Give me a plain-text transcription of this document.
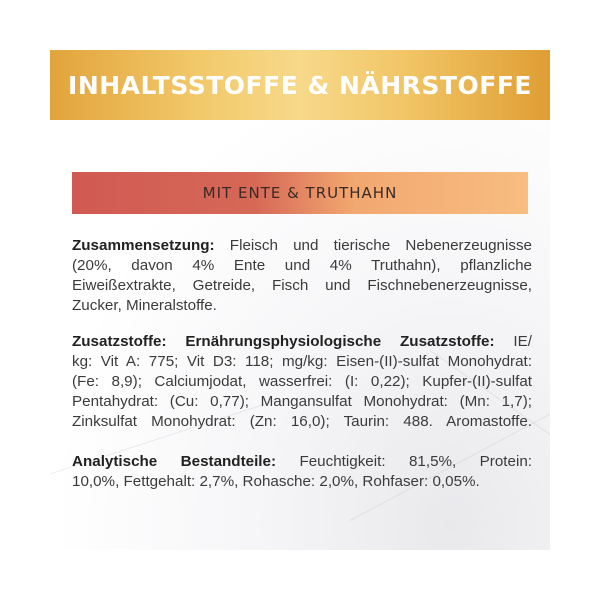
INHALTSSTOFFE & NÄHRSTOFFE
MIT ENTE & TRUTHAHN
Zusammensetzung: Fleisch und tierische Nebenerzeugnisse
(20%, davon 4% Ente und 4% Truthahn), pflanzliche
Eiweißextrakte, Getreide, Fisch und Fischnebenerzeugnisse,
Zucker, Mineralstoffe.
Zusatzstoffe: Ernährungsphysiologische Zusatzstoffe: IE/
kg: Vit A: 775; Vit D3: 118; mg/kg: Eisen-(II)-sulfat Monohydrat:
(Fe: 8,9); Calciumjodat, wasserfrei: (I: 0,22); Kupfer-(II)-sulfat
Pentahydrat: (Cu: 0,77); Mangansulfat Monohydrat: (Mn: 1,7);
Zinksulfat Monohydrat: (Zn: 16,0); Taurin: 488. Aromastoffe.
Analytische Bestandteile: Feuchtigkeit: 81,5%, Protein:
10,0%, Fettgehalt: 2,7%, Rohasche: 2,0%, Rohfaser: 0,05%.
